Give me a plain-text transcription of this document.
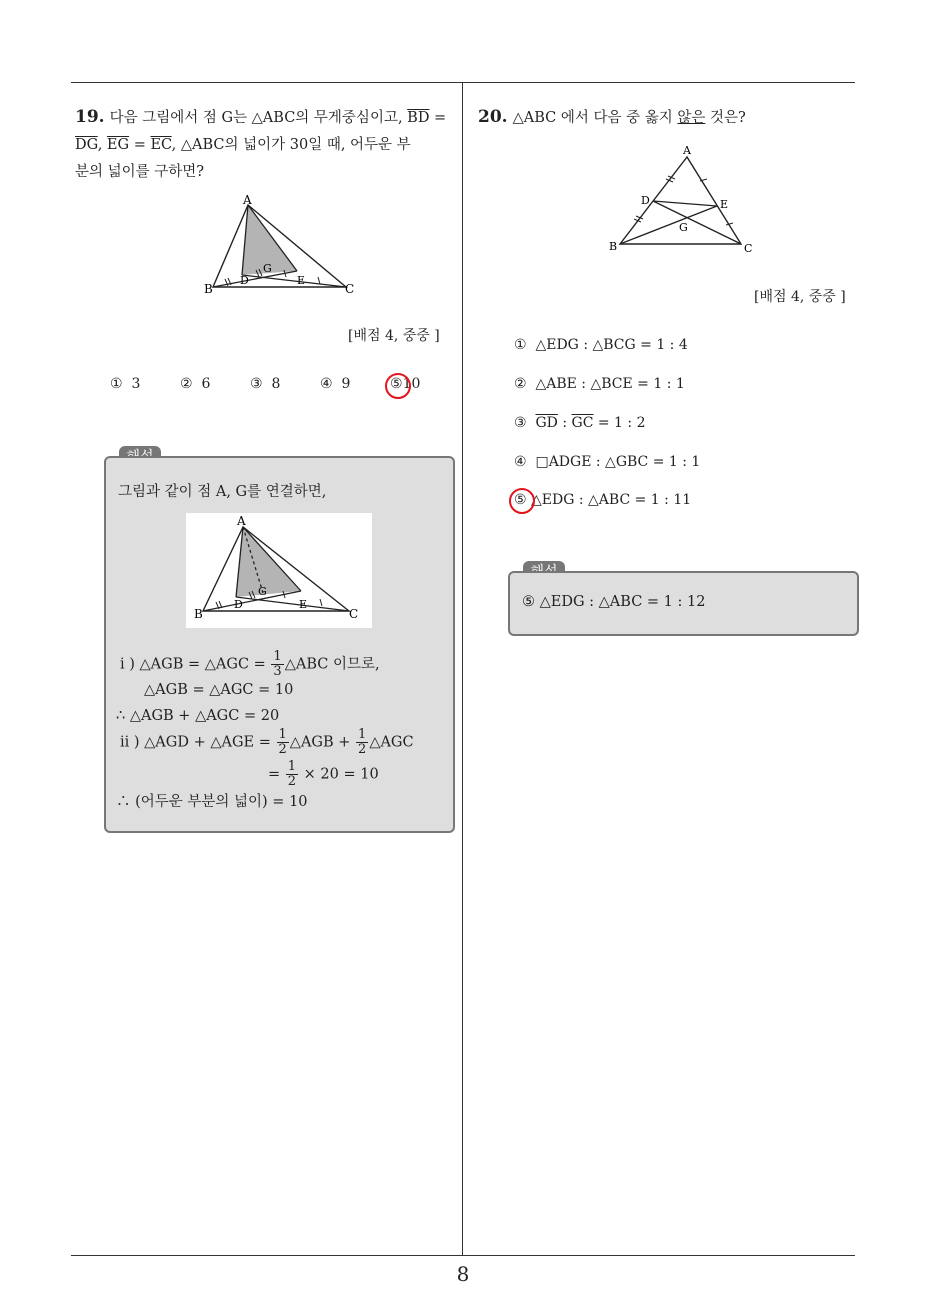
19. 다음 그림에서 점 G는 △ABC의 무게중심이고, $\overline{BD}$ =
$\overline{DG}$, $\overline{EG} = \overline{EC}$, △ABC의 넓이가 30일 때, 어두운 부
분의 넓이를 구하면?
A
B	C
D	E
G
[배점 4, 중중 ]
① 3	② 6	③ 8	④ 9	⑤10
그림과 같이 점 A, G를 연결하면,
A
B	C
D	E
G
i ) △AGB = △AGC = $\frac{1}{3}$ △ABC 이므로,
△AGB = △AGC = 10
∴ △AGB + △AGC = 20
ii ) △AGD + △AGE = $\frac{1}{2}$ △AGB + $\frac{1}{2}$ △AGC
= $\frac{1}{2} \times 20 = 10$
∴ (어두운 부분의 넓이) = 10
20. △ABC 에서 다음 중 옳지 않은 것은?
A
B	C
D	E
G
[배점 4, 중중 ]
① △EDG : △BCG = 1 : 4
② △ABE : △BCE = 1 : 1
③ $\overline{GD}$ : $\overline{GC} = 1$ : 2
④ □ADGE : △GBC = 1 : 1
⑤ △EDG : △ABC = 1 : 11
⑤ △EDG : △ABC = 1 : 12
8
